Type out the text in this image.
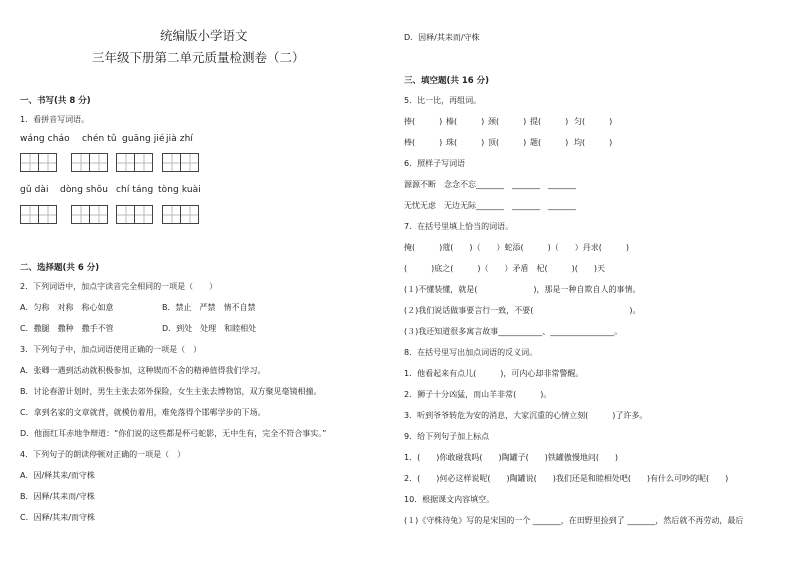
统编版小学语文
三年级下册第二单元质量检测卷（二）
一、书写(共 8 分)
1．看拼音写词语。
wáng cháo chén tǔ guāng jié jià zhí
gǔ dài dòng shǒu chí táng tòng kuài
二、选择题(共 6 分)
2．下列词语中，加点字读音完全相同的一项是（　　）
A．匀称　对称　称心如意	B．禁止　严禁　情不自禁
C．撒腿　撒种　撒手不管	D．到处　处理　和睦相处
3．下列句子中，加点词语使用正确的一项是（　）
A．张卿一遇到活动就积极参加，这种锲而不舍的精神值得我们学习。
B．讨论春游计划时，男生主张去郊外探险，女生主张去博物馆，双方聚见毫镜相撞。
C．拿到名家的文章就背，就模仿着用，难免落得个邯郸学步的下场。
D．他面红耳赤地争辩道：“你们说的这些都是杯弓蛇影，无中生有，完全不符合事实。”
4．下列句子的朗读停顿对正确的一项是（　）
A．因/释其耒/而守株
B．因释/其耒而/守株
C．因释/其耒/而守株
D．因释/其耒而/守株
三、填空题(共 16 分)
5．比一比，再组词。
捧(　　　) 榛(　　　) 颈(　　　) 提(　　　) 匀(　　　)
棒(　　　) 珠(　　　) 顶(　　　) 题(　　　) 均(　　　)
6．照样子写词语
源源不断　念念不忘_______　_______　_______
无忧无虑　无边无际_______　_______　_______
7．在括号里填上恰当的词语。
掩(　　　)蔻(　　)（　　）蛇添(　　　)（　　）丹求(　　　)
(　　　)底之(　　　)（　　）矛盾　杞(　　　)(　　)天
(１)不懂装懂，就是(　　　　　　　)，那是一种自欺自人的事情。
(２)我们说话做事要言行一致，不要(　　　　　　　　　　　　)。
(３)我还知道很多寓言故事___________、________________。
8．在括号里写出加点词语的反义词。
1．他看起来有点儿(　　　)，可内心却非常警醒。
2．狮子十分凶猛，而山羊非常(　　　)。
3．听到爷爷转危为安的消息，大家沉重的心情立刻(　　　)了许多。
9．给下列句子加上标点
1．(　　)你敢碰我吗(　　)陶罐子(　　)铁罐傲慢地问(　　)
2．(　　)何必这样说呢(　　)陶罐说(　　)我们还是和睦相处吧(　　)有什么可吵的呢(　　)
10．根据课文内容填空。
(１)《守株待兔》写的是宋国的一个 _______，在田野里捡到了 _______，然后就不再劳动，最后
